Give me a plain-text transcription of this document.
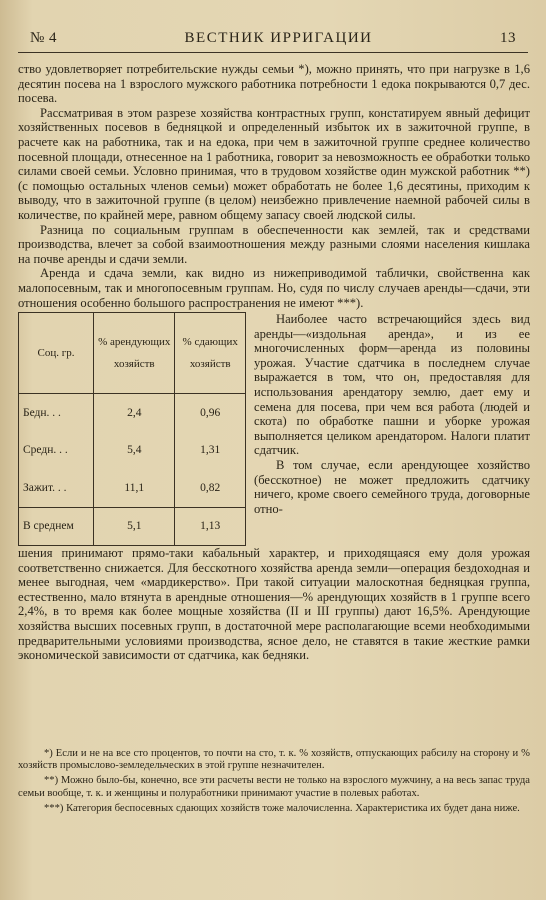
№ 4	ВЕСТНИК ИРРИГАЦИИ	13

ство удовлетворяет потребительские нужды семьи *), можно принять, что при нагрузке в 1,6 десятин посева на 1 взрослого мужского работника потребности 1 едока покрываются 0,7 дес. посева.

Рассматривая в этом разрезе хозяйства контрастных групп, констатируем явный дефицит хозяйственных посевов в бедняцкой и определенный избыток их в зажиточной группе, в расчете как на работника, так и на едока, при чем в зажиточной группе среднее количество посевной площади, отнесенное на 1 работника, говорит за невозможность ее обработки только силами своей семьи. Условно принимая, что в трудовом хозяйстве один мужской работник **) (с помощью остальных членов семьи) может обработать не более 1,6 десятины, приходим к выводу, что в зажиточной группе (в целом) неизбежно привлечение наемной рабочей силы в количестве, по крайней мере, равном общему запасу своей людской силы.

Разница по социальным группам в обеспеченности как землей, так и средствами производства, влечет за собой взаимоотношения между разными слоями населения кишлака на почве аренды и сдачи земли.

Аренда и сдача земли, как видно из нижеприводимой таблички, свойственна как малопосевным, так и многопосевным группам. Но, судя по числу случаев аренды—сдачи, эти отношения особенно большого распространения не имеют ***).

Соц. гр.	% арендующих хозяйств	% сдающих хозяйств
Бедн. . .	2,4	0,96
Средн. . .	5,4	1,31
Зажит. . .	11,1	0,82
В среднем	5,1	1,13

Наиболее часто встречающийся здесь вид аренды—«издольная аренда», и из ее многочисленных форм—аренда из половины урожая. Участие сдатчика в последнем случае выражается в том, что он, предоставляя для использования арендатору землю, дает ему и семена для посева, при чем вся работа (людей и скота) по обработке пашни и уборке урожая выполняется целиком арендатором. Налоги платит сдатчик.

В том случае, если арендующее хозяйство (бесскотное) не может предложить сдатчику ничего, кроме своего семейного труда, договорные отно-

шения принимают прямо-таки кабальный характер, и приходящаяся ему доля урожая соответственно снижается. Для бесскотного хозяйства аренда земли—операция бездоходная и менее выгодная, чем «мардикерство». При такой ситуации малоскотная бедняцкая группа, естественно, мало втянута в арендные отношения—% арендующих хозяйств в 1 группе всего 2,4%, в то время как более мощные хозяйства (II и III группы) дают 16,5%. Арендующие хозяйства высших посевных групп, в достаточной мере располагающие всеми необходимыми предварительными условиями производства, ясное дело, не ставятся в такие жесткие рамки экономической зависимости от сдатчика, как бедняки.

*) Если и не на все сто процентов, то почти на сто, т. к. % хозяйств, отпускающих рабсилу на сторону и % хозяйств промыслово-земледельческих в этой группе незначителен.

**) Можно было-бы, конечно, все эти расчеты вести не только на взрослого мужчину, а на весь запас труда семьи вообще, т. к. и женщины и полуработники принимают участие в полевых работах.

***) Категория беспосевных сдающих хозяйств тоже малочисленна. Характеристика их будет дана ниже.
